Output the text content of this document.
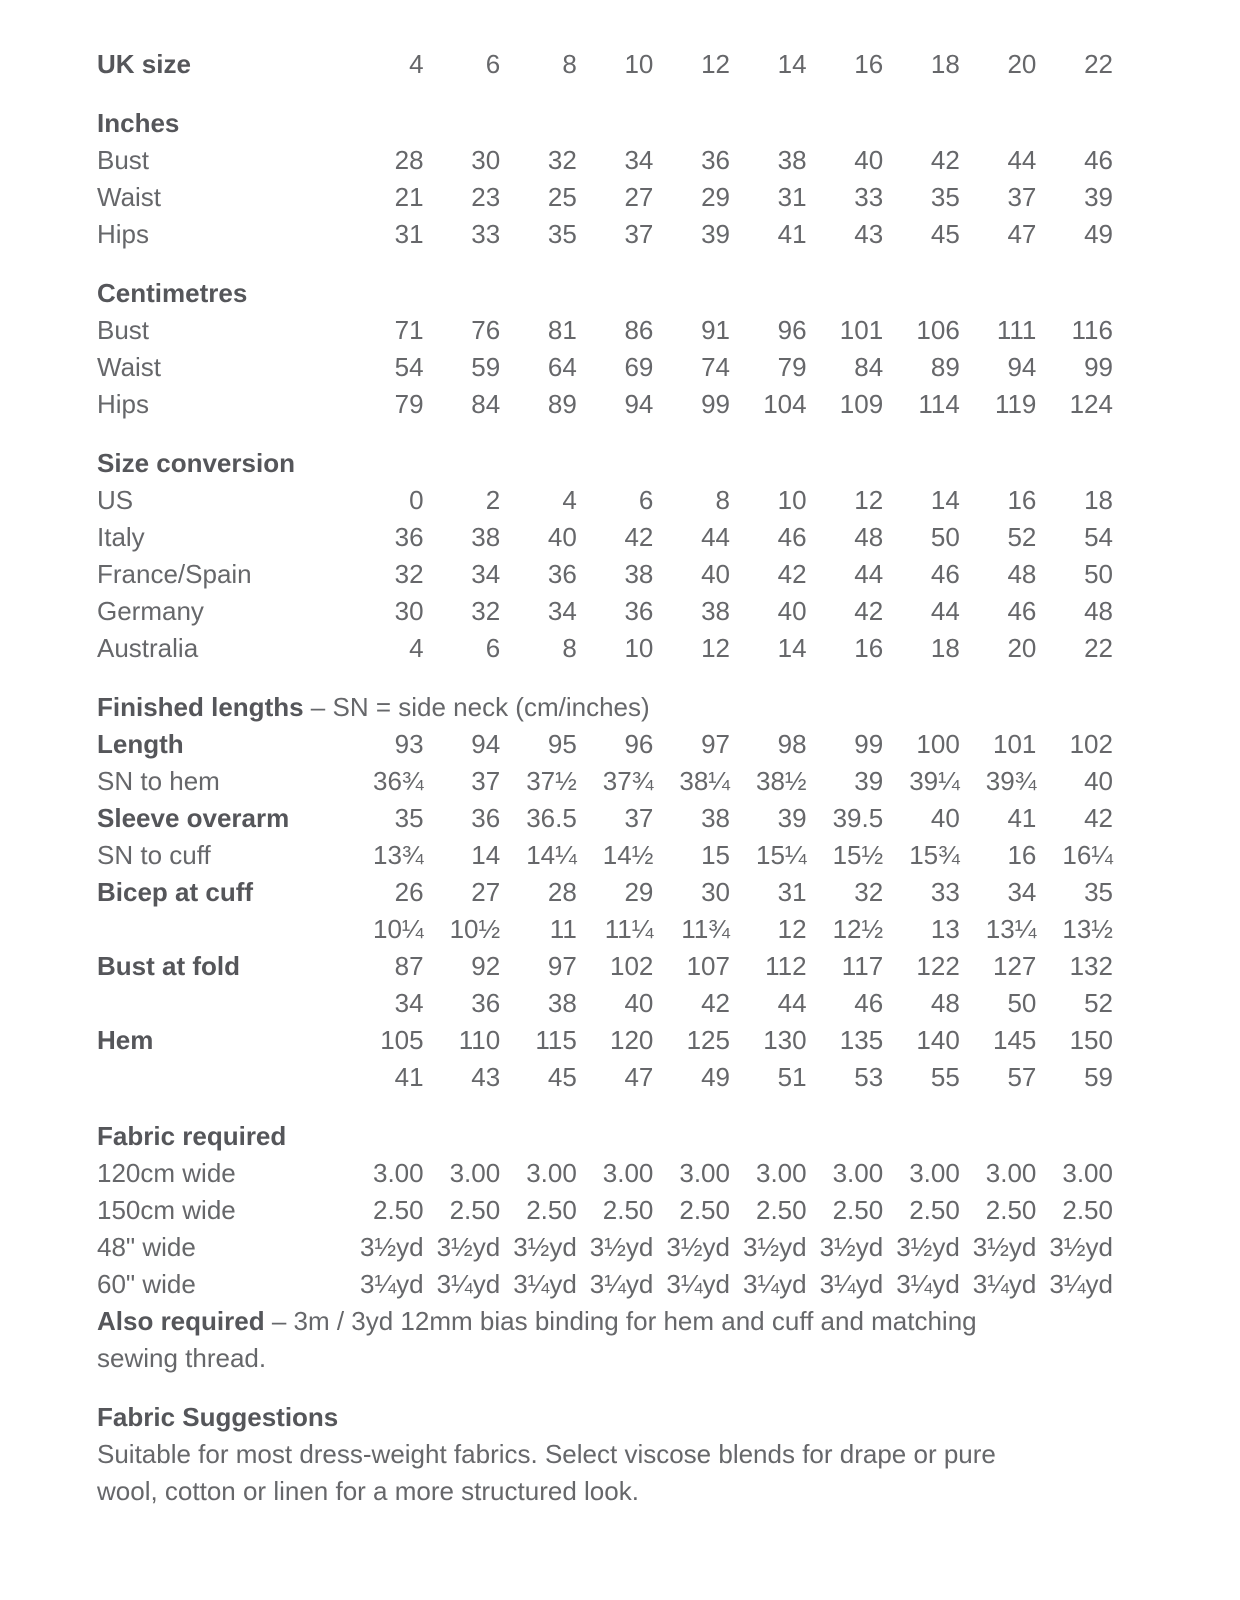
UK size	4	6	8	10	12	14	16	18	20	22
Inches
Bust	28	30	32	34	36	38	40	42	44	46
Waist	21	23	25	27	29	31	33	35	37	39
Hips	31	33	35	37	39	41	43	45	47	49
Centimetres
Bust	71	76	81	86	91	96	101	106	111	116
Waist	54	59	64	69	74	79	84	89	94	99
Hips	79	84	89	94	99	104	109	114	119	124
Size conversion
US	0	2	4	6	8	10	12	14	16	18
Italy	36	38	40	42	44	46	48	50	52	54
France/Spain	32	34	36	38	40	42	44	46	48	50
Germany	30	32	34	36	38	40	42	44	46	48
Australia	4	6	8	10	12	14	16	18	20	22
Finished lengths – SN = side neck (cm/inches)
Length	93	94	95	96	97	98	99	100	101	102
SN to hem	36¾	37	37½ 37¾ 38¼	38½	39	39¼ 39¾	40
Sleeve overarm	35	36	36.5	37	38	39 39.5	40	41	42
SN to cuff	13¾	14	14¼ 14½	15	15¼ 15½	15¾	16 16¼
Bicep at cuff	26	27	28	29	30	31	32	33	34	35
10¼ 10½	11	11¼	11¾	12 12½	13 13¼ 13½
Bust at fold	87	92	97	102	107	112	117	122	127	132
34	36	38	40	42	44	46	48	50	52
Hem	105	110	115	120	125	130	135	140	145	150
41	43	45	47	49	51	53	55	57	59
Fabric required
120cm wide	3.00 3.00	3.00 3.00 3.00	3.00 3.00	3.00 3.00 3.00
150cm wide	2.50 2.50	2.50 2.50 2.50	2.50 2.50	2.50 2.50 2.50
48" wide	3½yd 3½yd 3½yd 3½yd 3½yd 3½yd 3½yd 3½yd 3½yd 3½yd
60" wide	3¼yd 3¼yd 3¼yd 3¼yd 3¼yd 3¼yd 3¼yd 3¼yd 3¼yd 3¼yd

Also required – 3m / 3yd 12mm bias binding for hem and cuff and matching sewing thread.

Fabric Suggestions

Suitable for most dress-weight fabrics. Select viscose blends for drape or pure wool, cotton or linen for a more structured look.
